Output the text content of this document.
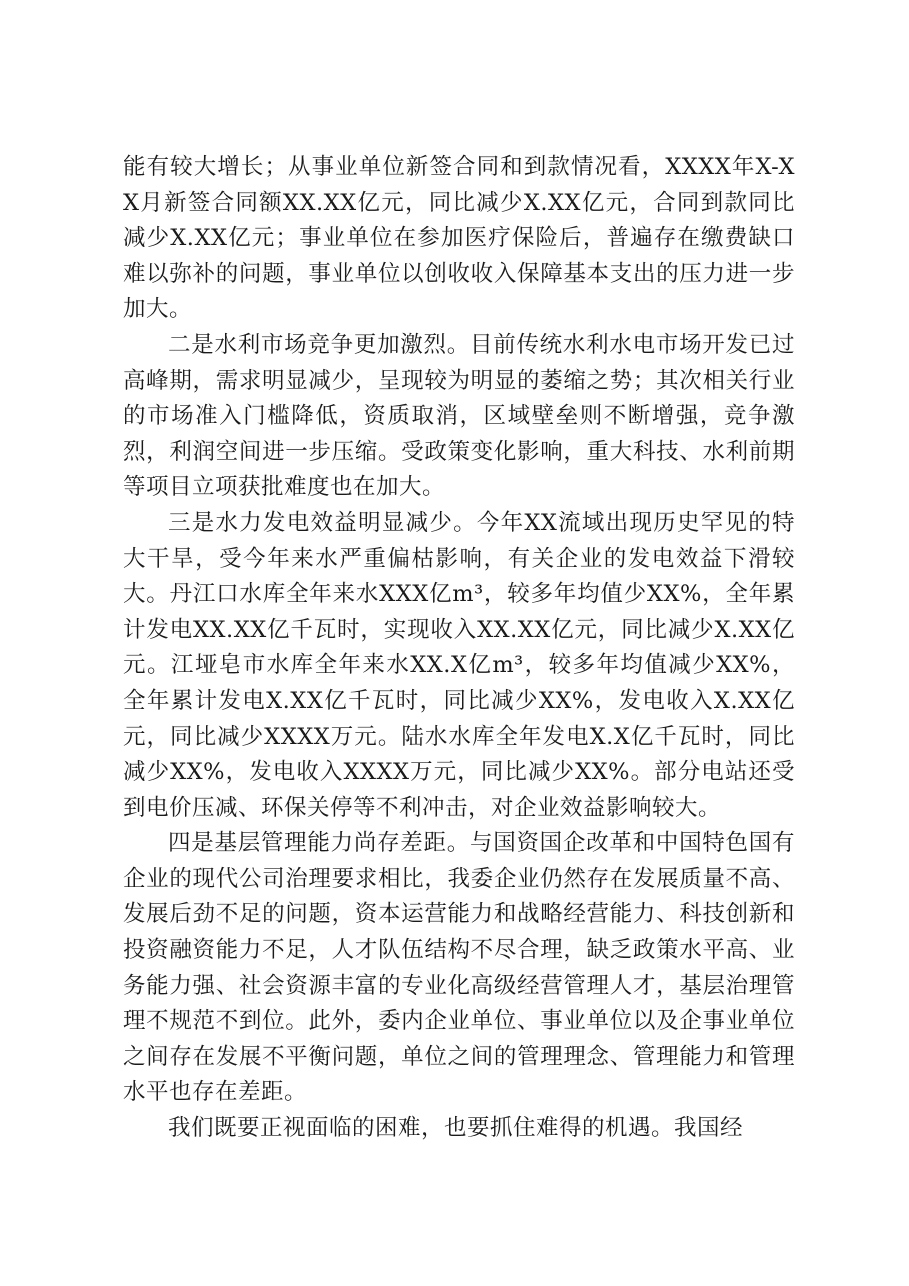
能有较大增长；从事业单位新签合同和到款情况看，XXXX年X-XX月新签合同额XX.XX亿元，同比减少X.XX亿元，合同到款同比减少X.XX亿元；事业单位在参加医疗保险后，普遍存在缴费缺口难以弥补的问题，事业单位以创收收入保障基本支出的压力进一步加大。

二是水利市场竞争更加激烈。目前传统水利水电市场开发已过高峰期，需求明显减少，呈现较为明显的萎缩之势；其次相关行业的市场准入门槛降低，资质取消，区域壁垒则不断增强，竞争激烈，利润空间进一步压缩。受政策变化影响，重大科技、水利前期等项目立项获批难度也在加大。

三是水力发电效益明显减少。今年XX流域出现历史罕见的特大干旱，受今年来水严重偏枯影响，有关企业的发电效益下滑较大。丹江口水库全年来水XXX亿m³，较多年均值少XX%，全年累计发电XX.XX亿千瓦时，实现收入XX.XX亿元，同比减少X.XX亿元。江垭皂市水库全年来水XX.X亿m³，较多年均值减少XX%，全年累计发电X.XX亿千瓦时，同比减少XX%，发电收入X.XX亿元，同比减少XXXX万元。陆水水库全年发电X.X亿千瓦时，同比减少XX%，发电收入XXXX万元，同比减少XX%。部分电站还受到电价压减、环保关停等不利冲击，对企业效益影响较大。

四是基层管理能力尚存差距。与国资国企改革和中国特色国有企业的现代公司治理要求相比，我委企业仍然存在发展质量不高、发展后劲不足的问题，资本运营能力和战略经营能力、科技创新和投资融资能力不足，人才队伍结构不尽合理，缺乏政策水平高、业务能力强、社会资源丰富的专业化高级经营管理人才，基层治理管理不规范不到位。此外，委内企业单位、事业单位以及企事业单位之间存在发展不平衡问题，单位之间的管理理念、管理能力和管理水平也存在差距。

我们既要正视面临的困难，也要抓住难得的机遇。我国经
